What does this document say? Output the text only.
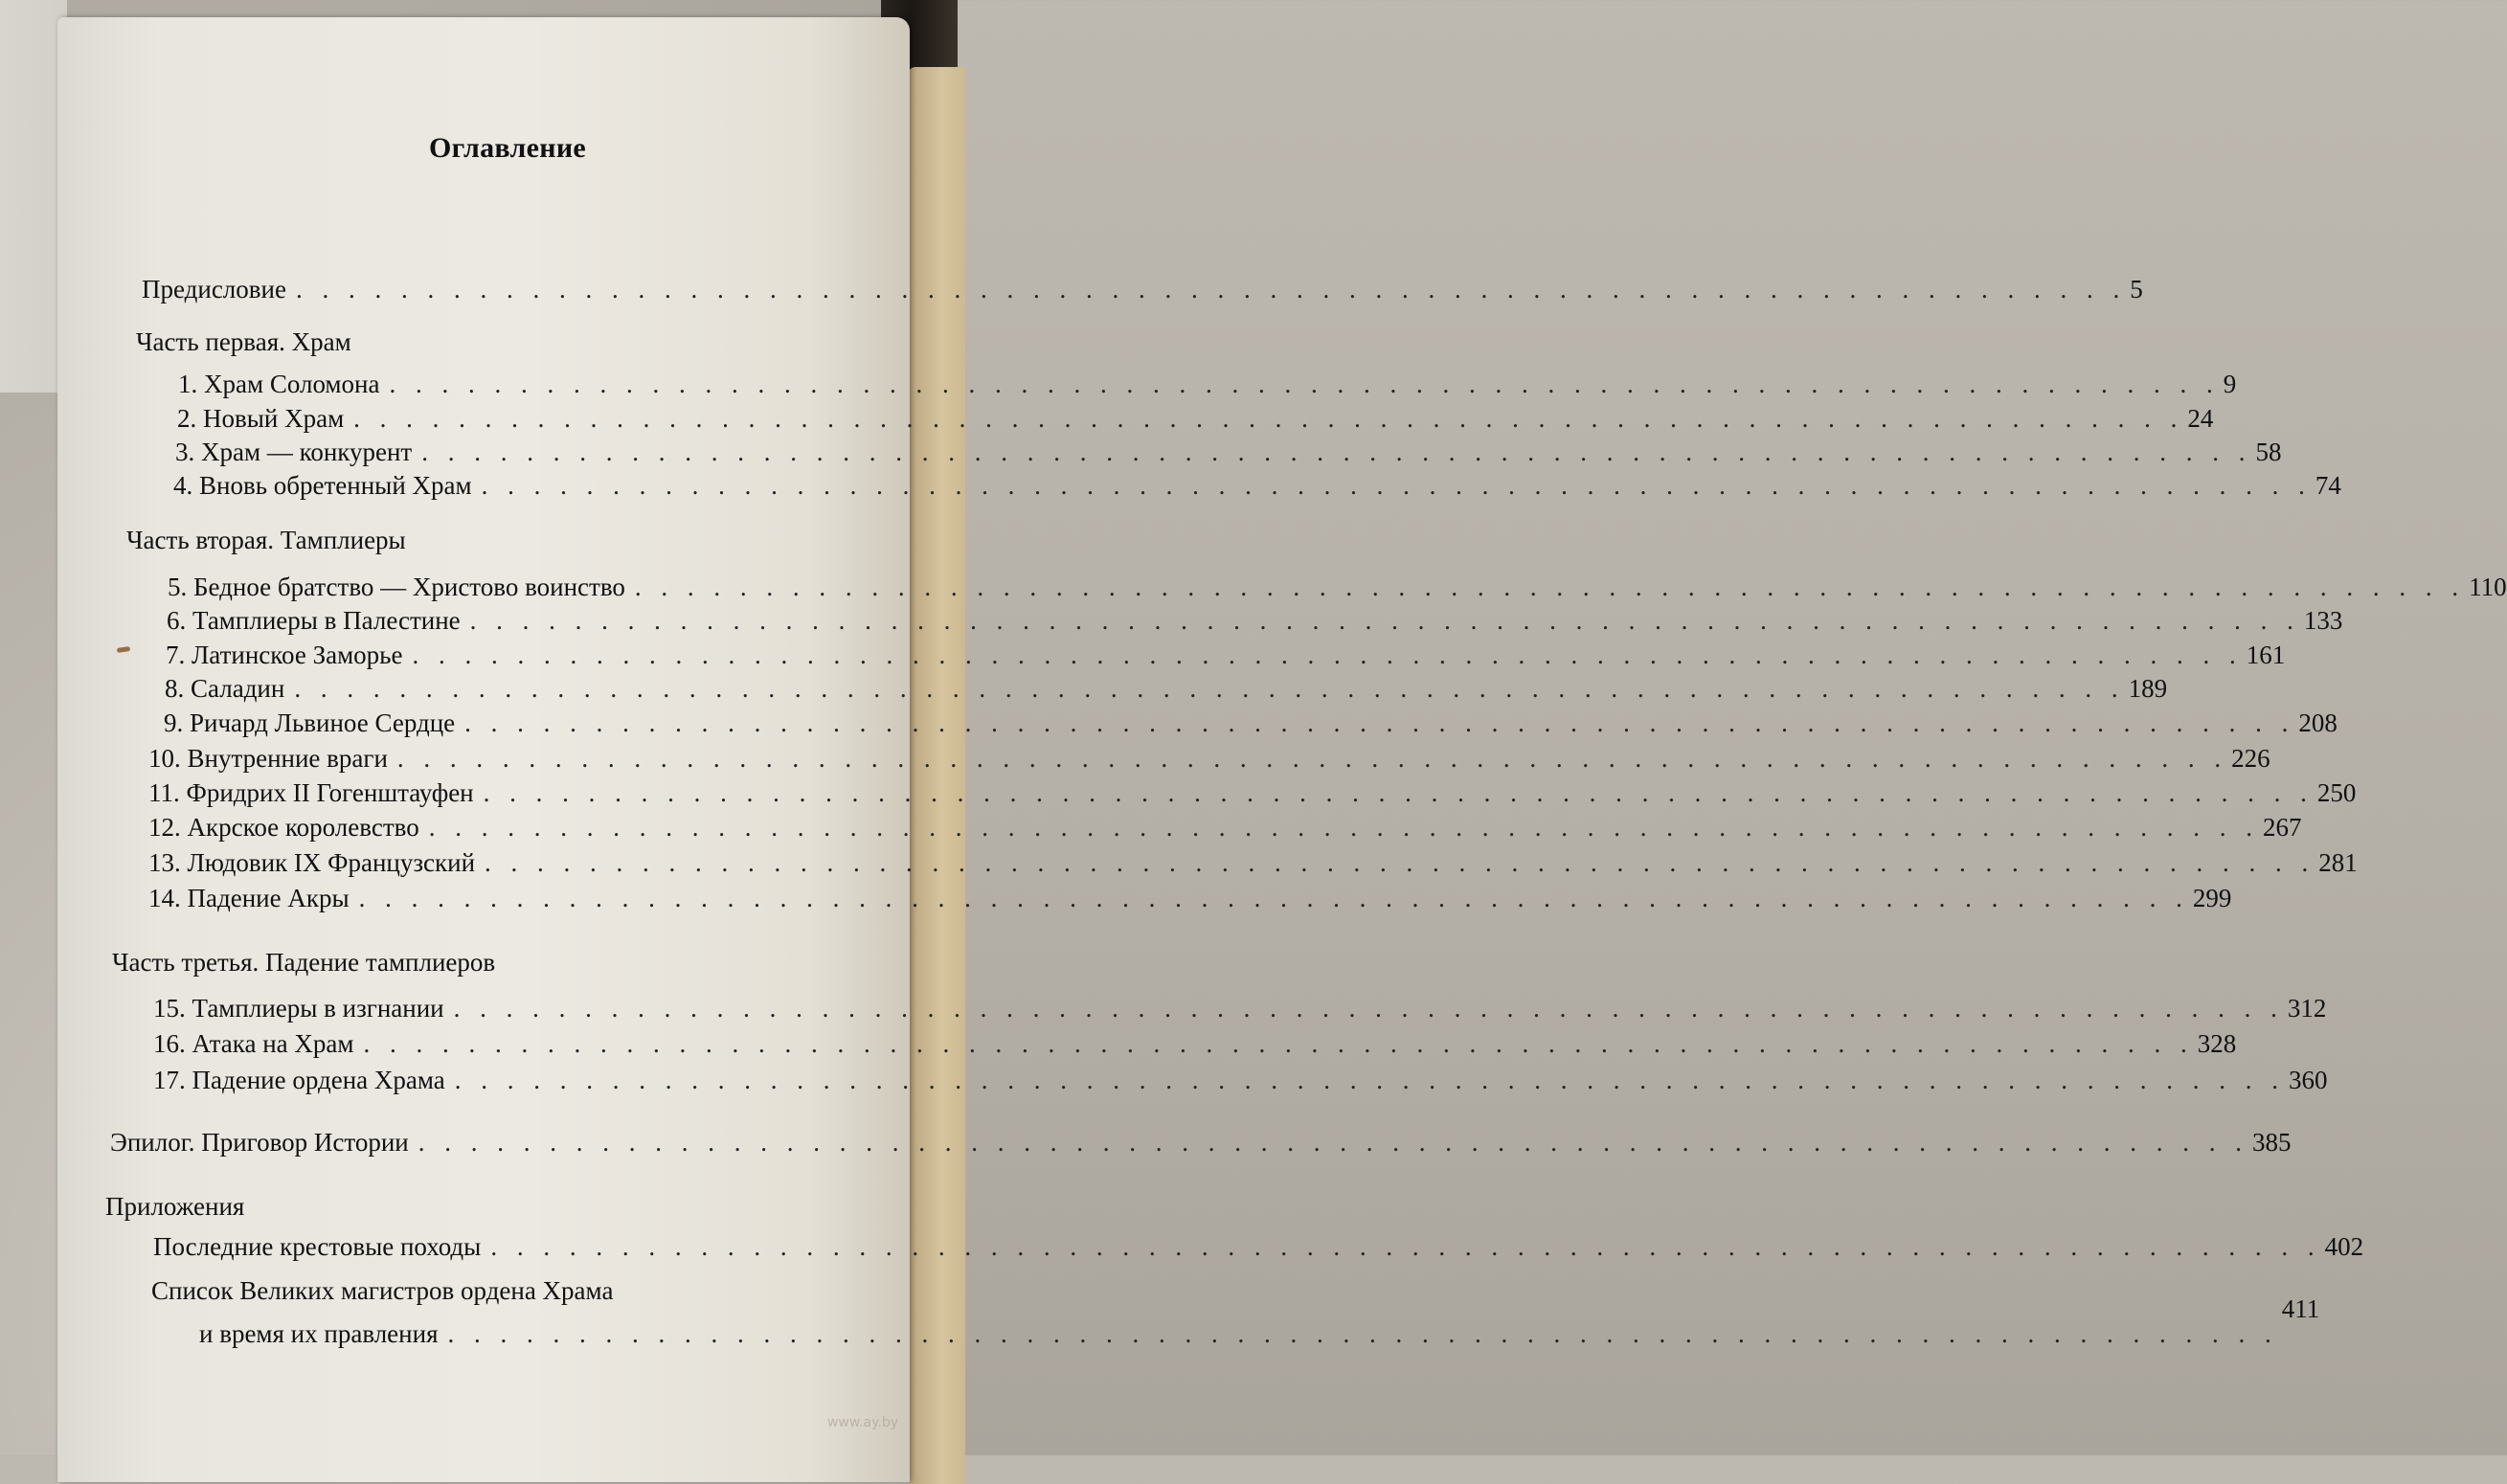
Оглавление
Предисловие . . . . . . . . . . . . . . . . . . . . . . . . . . . . . . . . . . . . . . . . . . . . . . . . . . . . . . . . . . . . . . . . . . . . . . 5
Часть первая. Храм
1. Храм Соломона . . . . . . . . . . . . . . . . . . . . . . . . . . . . . . . . . . . . . . . . . . . . . . . . . . . . . . . . . . . . . . . . . . . . . . 9
2. Новый Храм . . . . . . . . . . . . . . . . . . . . . . . . . . . . . . . . . . . . . . . . . . . . . . . . . . . . . . . . . . . . . . . . . . . . . . 24
3. Храм — конкурент . . . . . . . . . . . . . . . . . . . . . . . . . . . . . . . . . . . . . . . . . . . . . . . . . . . . . . . . . . . . . . . . . . . . . . 58
4. Вновь обретенный Храм . . . . . . . . . . . . . . . . . . . . . . . . . . . . . . . . . . . . . . . . . . . . . . . . . . . . . . . . . . . . . . . . . . . . . . 74
Часть вторая. Тамплиеры
5. Бедное братство — Христово воинство . . . . . . . . . . . . . . . . . . . . . . . . . . . . . . . . . . . . . . . . . . . . . . . . . . . . . . . . . . . . . . . . . . . . . . 110
6. Тамплиеры в Палестине . . . . . . . . . . . . . . . . . . . . . . . . . . . . . . . . . . . . . . . . . . . . . . . . . . . . . . . . . . . . . . . . . . . . . . 133
7. Латинское Заморье . . . . . . . . . . . . . . . . . . . . . . . . . . . . . . . . . . . . . . . . . . . . . . . . . . . . . . . . . . . . . . . . . . . . . . 161
8. Саладин . . . . . . . . . . . . . . . . . . . . . . . . . . . . . . . . . . . . . . . . . . . . . . . . . . . . . . . . . . . . . . . . . . . . . . 189
9. Ричард Львиное Сердце . . . . . . . . . . . . . . . . . . . . . . . . . . . . . . . . . . . . . . . . . . . . . . . . . . . . . . . . . . . . . . . . . . . . . . 208
10. Внутренние враги . . . . . . . . . . . . . . . . . . . . . . . . . . . . . . . . . . . . . . . . . . . . . . . . . . . . . . . . . . . . . . . . . . . . . . 226
11. Фридрих II Гогенштауфен . . . . . . . . . . . . . . . . . . . . . . . . . . . . . . . . . . . . . . . . . . . . . . . . . . . . . . . . . . . . . . . . . . . . . . 250
12. Акрское королевство . . . . . . . . . . . . . . . . . . . . . . . . . . . . . . . . . . . . . . . . . . . . . . . . . . . . . . . . . . . . . . . . . . . . . . 267
13. Людовик IX Французский . . . . . . . . . . . . . . . . . . . . . . . . . . . . . . . . . . . . . . . . . . . . . . . . . . . . . . . . . . . . . . . . . . . . . . 281
14. Падение Акры . . . . . . . . . . . . . . . . . . . . . . . . . . . . . . . . . . . . . . . . . . . . . . . . . . . . . . . . . . . . . . . . . . . . . . 299
Часть третья. Падение тамплиеров
15. Тамплиеры в изгнании . . . . . . . . . . . . . . . . . . . . . . . . . . . . . . . . . . . . . . . . . . . . . . . . . . . . . . . . . . . . . . . . . . . . . . 312
16. Атака на Храм . . . . . . . . . . . . . . . . . . . . . . . . . . . . . . . . . . . . . . . . . . . . . . . . . . . . . . . . . . . . . . . . . . . . . . 328
17. Падение ордена Храма . . . . . . . . . . . . . . . . . . . . . . . . . . . . . . . . . . . . . . . . . . . . . . . . . . . . . . . . . . . . . . . . . . . . . . 360
Эпилог. Приговор Истории . . . . . . . . . . . . . . . . . . . . . . . . . . . . . . . . . . . . . . . . . . . . . . . . . . . . . . . . . . . . . . . . . . . . . . 385
Приложения
Последние крестовые походы . . . . . . . . . . . . . . . . . . . . . . . . . . . . . . . . . . . . . . . . . . . . . . . . . . . . . . . . . . . . . . . . . . . . . . 402
Список Великих магистров ордена Храма
и время их правления . . . . . . . . . . . . . . . . . . . . . . . . . . . . . . . . . . . . . . . . . . . . . . . . . . . . . . . . . . . . . . . . . . . . . .
411
www.ay.by
